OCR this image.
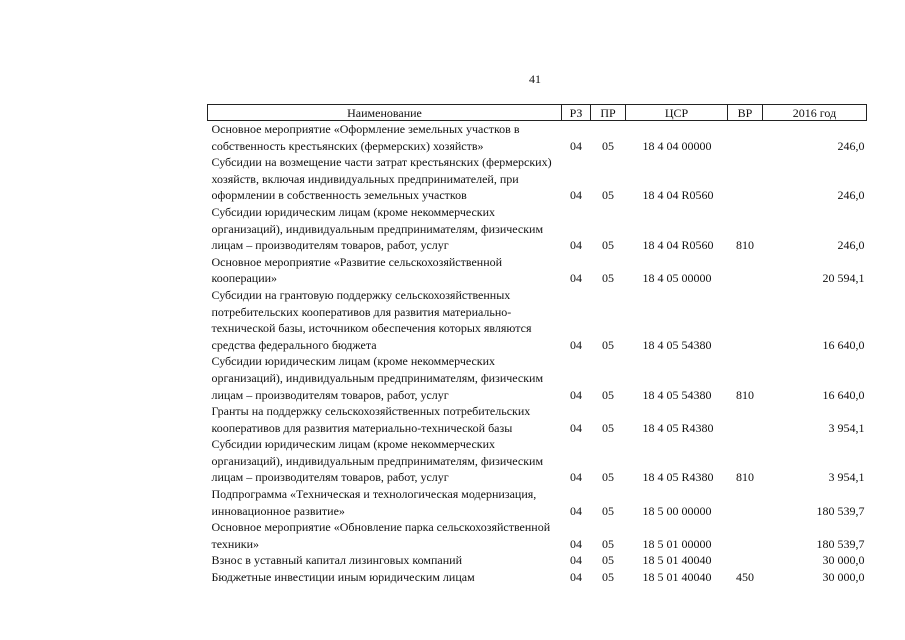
41
Наименование	РЗ	ПР	ЦСР	ВР	2016 год
Основное мероприятие «Оформление земельных участков в собственность крестьянских (фермерских) хозяйств»	04	05	18 4 04 00000		246,0
Субсидии на возмещение части затрат крестьянских (фермерских) хозяйств, включая индивидуальных предпринимателей, при оформлении в собственность земельных участков	04	05	18 4 04 R0560		246,0
Субсидии юридическим лицам (кроме некоммерческих организаций), индивидуальным предпринимателям, физическим лицам – производителям товаров, работ, услуг	04	05	18 4 04 R0560	810	246,0
Основное мероприятие «Развитие сельскохозяйственной кооперации»	04	05	18 4 05 00000		20 594,1
Субсидии на грантовую поддержку сельскохозяйственных потребительских кооперативов для развития материально-технической базы, источником обеспечения которых являются средства федерального бюджета	04	05	18 4 05 54380		16 640,0
Субсидии юридическим лицам (кроме некоммерческих организаций), индивидуальным предпринимателям, физическим лицам – производителям товаров, работ, услуг	04	05	18 4 05 54380	810	16 640,0
Гранты на поддержку сельскохозяйственных потребительских кооперативов для развития материально-технической базы	04	05	18 4 05 R4380		3 954,1
Субсидии юридическим лицам (кроме некоммерческих организаций), индивидуальным предпринимателям, физическим лицам – производителям товаров, работ, услуг	04	05	18 4 05 R4380	810	3 954,1
Подпрограмма «Техническая и технологическая модернизация, инновационное развитие»	04	05	18 5 00 00000		180 539,7
Основное мероприятие «Обновление парка сельскохозяйственной техники»	04	05	18 5 01 00000		180 539,7
Взнос в уставный капитал лизинговых компаний	04	05	18 5 01 40040		30 000,0
Бюджетные инвестиции иным юридическим лицам	04	05	18 5 01 40040	450	30 000,0
